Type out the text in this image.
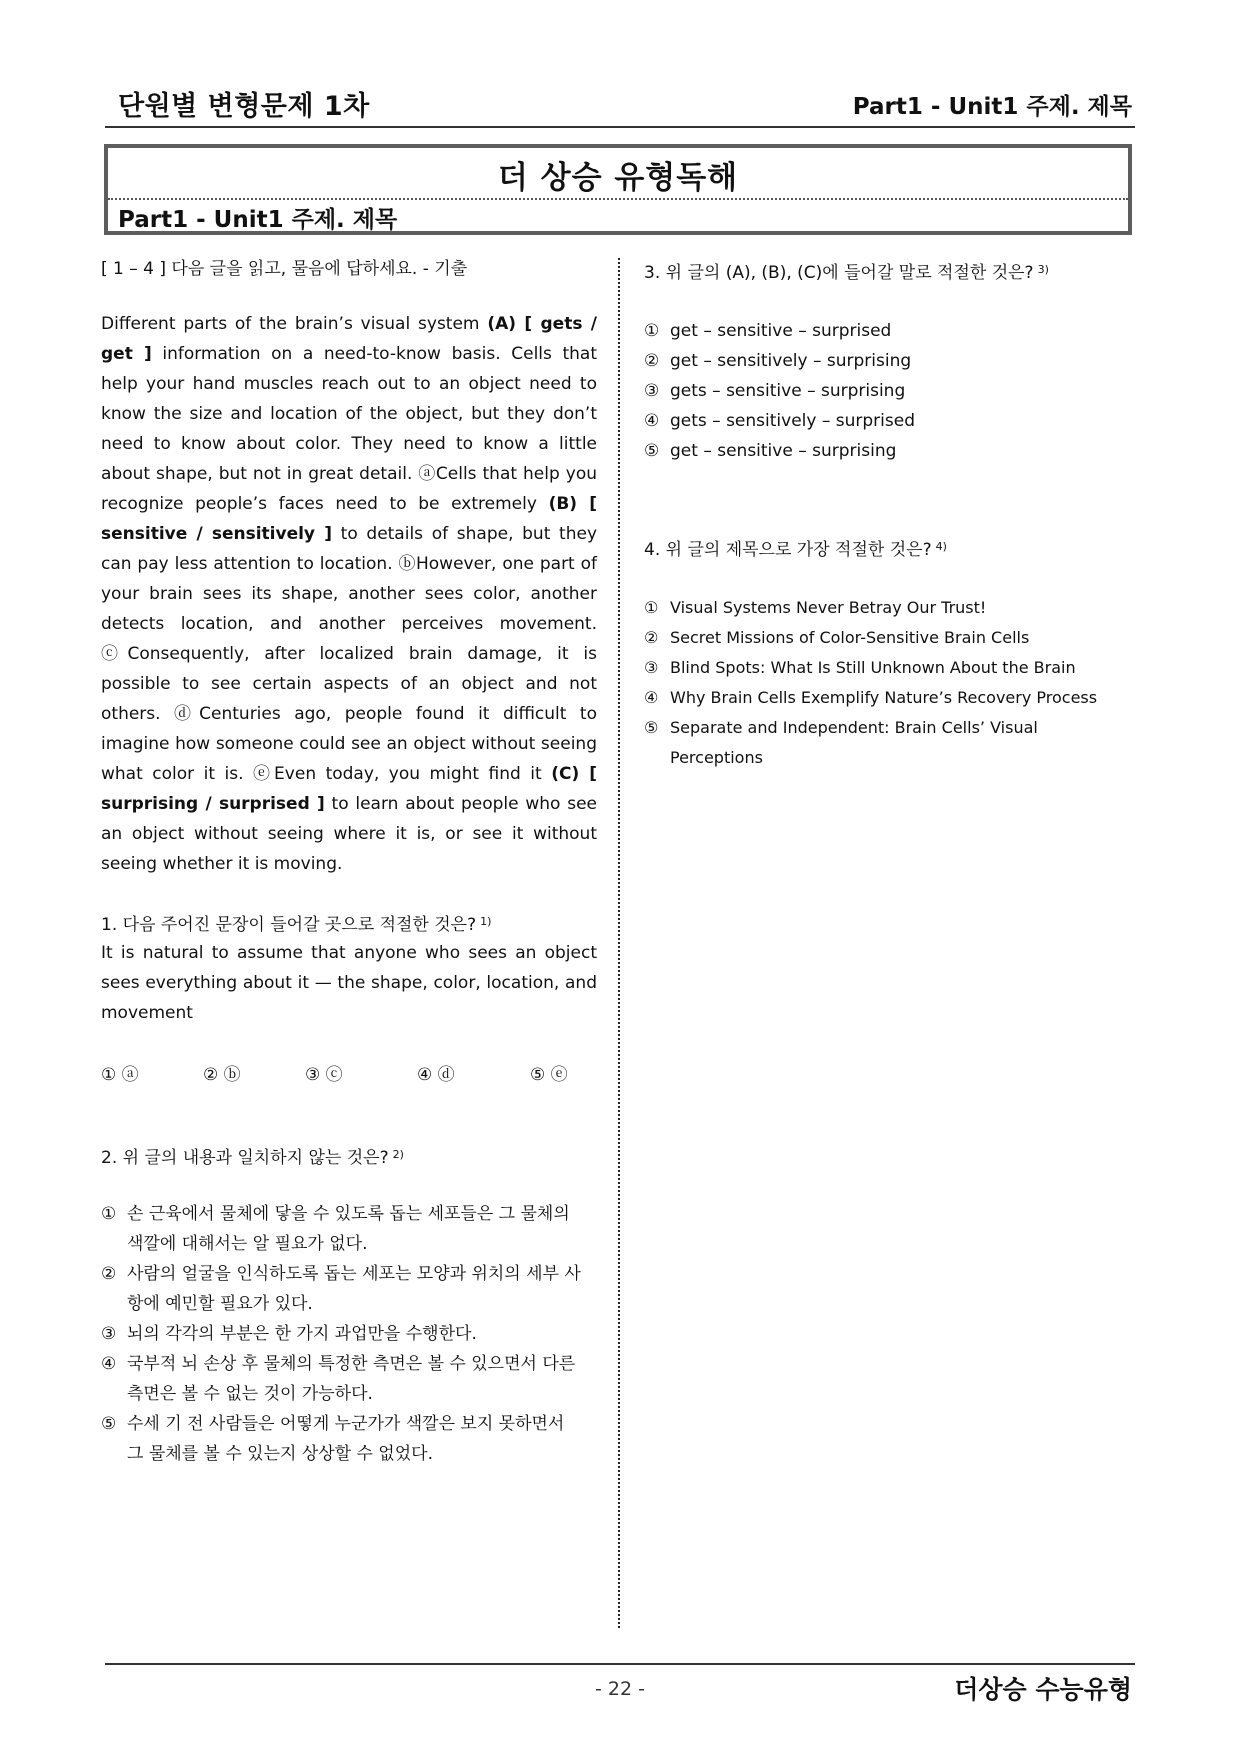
단원별 변형문제 1차	Part1 - Unit1 주제. 제목
더 상승 유형독해
Part1 - Unit1 주제. 제목
[ 1 – 4 ] 다음 글을 읽고, 물음에 답하세요. - 기출
Different parts of the brain’s visual system (A) [ gets / get ] information on a need-to-know basis. Cells that help your hand muscles reach out to an object need to know the size and location of the object, but they don’t need to know about color. They need to know a little about shape, but not in great detail. ⓐCells that help you recognize people’s faces need to be extremely (B) [ sensitive / sensitively ] to details of shape, but they can pay less attention to location. ⓑHowever, one part of your brain sees its shape, another sees color, another detects location, and another perceives movement. ⓒConsequently, after localized brain damage, it is possible to see certain aspects of an object and not others. ⓓCenturies ago, people found it difficult to imagine how someone could see an object without seeing what color it is. ⓔEven today, you might find it (C) [ surprising / surprised ] to learn about people who see an object without seeing where it is, or see it without seeing whether it is moving.
1. 다음 주어진 문장이 들어갈 곳으로 적절한 것은? $^{1)}$
It is natural to assume that anyone who sees an object sees everything about it — the shape, color, location, and movement
① ⓐ	② ⓑ	③ ⓒ	④ ⓓ	⑤ ⓔ
2. 위 글의 내용과 일치하지 않는 것은? $^{2)}$
① 손 근육에서 물체에 닿을 수 있도록 돕는 세포들은 그 물체의 색깔에 대해서는 알 필요가 없다.
② 사람의 얼굴을 인식하도록 돕는 세포는 모양과 위치의 세부 사항에 예민할 필요가 있다.
③ 뇌의 각각의 부분은 한 가지 과업만을 수행한다.
④ 국부적 뇌 손상 후 물체의 특정한 측면은 볼 수 있으면서 다른 측면은 볼 수 없는 것이 가능하다.
⑤ 수세 기 전 사람들은 어떻게 누군가가 색깔은 보지 못하면서 그 물체를 볼 수 있는지 상상할 수 없었다.
3. 위 글의 (A), (B), (C)에 들어갈 말로 적절한 것은? $^{3)}$
① get – sensitive – surprised
② get – sensitively – surprising
③ gets – sensitive – surprising
④ gets – sensitively – surprised
⑤ get – sensitive – surprising
4. 위 글의 제목으로 가장 적절한 것은? $^{4)}$
① Visual Systems Never Betray Our Trust!
② Secret Missions of Color-Sensitive Brain Cells
③ Blind Spots: What Is Still Unknown About the Brain
④ Why Brain Cells Exemplify Nature’s Recovery Process
⑤ Separate and Independent: Brain Cells’ Visual Perceptions
- 22 -	더상승 수능유형
